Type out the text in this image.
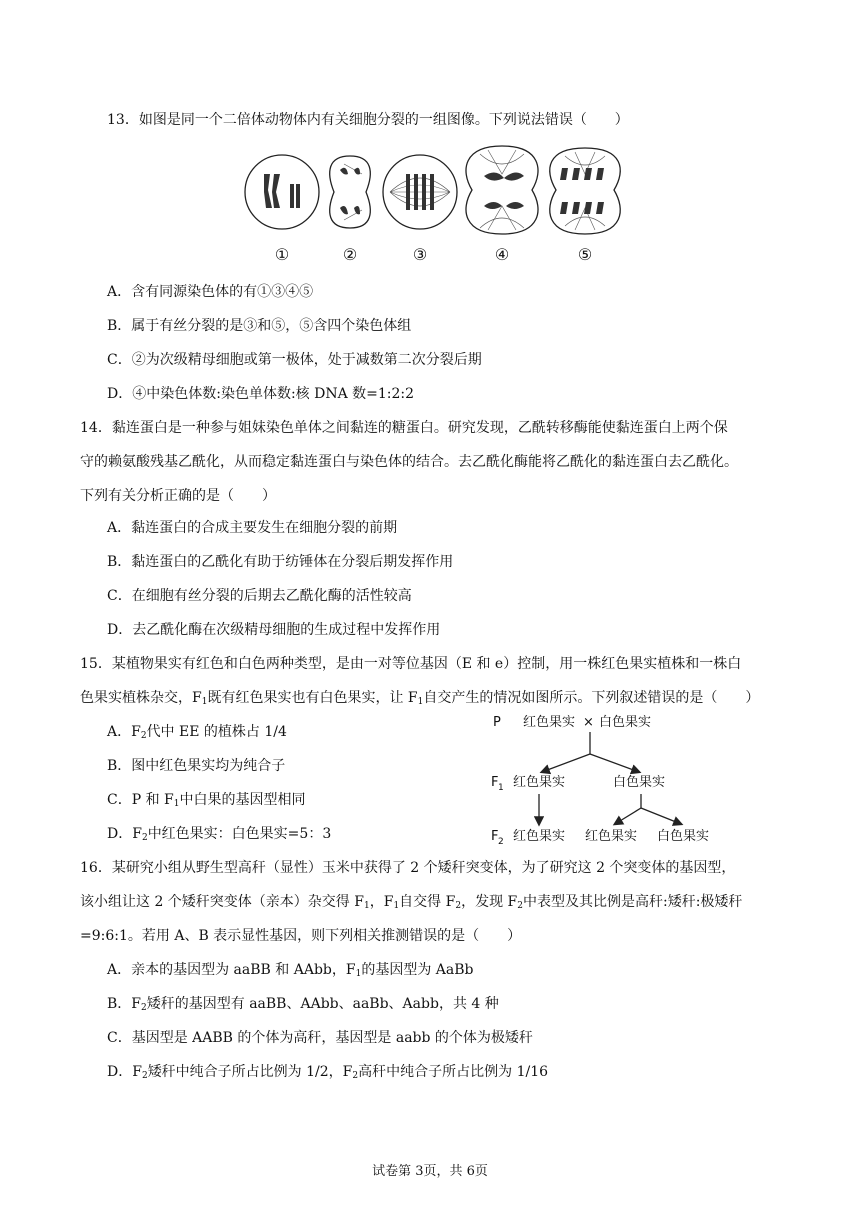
13．如图是同一个二倍体动物体内有关细胞分裂的一组图像。下列说法错误（　　）
①	②	③	④	⑤
A．含有同源染色体的有①③④⑤
B．属于有丝分裂的是③和⑤，⑤含四个染色体组
C．②为次级精母细胞或第一极体，处于减数第二次分裂后期
D．④中染色体数:染色单体数:核 DNA 数=1:2:2
14．黏连蛋白是一种参与姐妹染色单体之间黏连的糖蛋白。研究发现，乙酰转移酶能使黏连蛋白上两个保
守的赖氨酸残基乙酰化，从而稳定黏连蛋白与染色体的结合。去乙酰化酶能将乙酰化的黏连蛋白去乙酰化。
下列有关分析正确的是（　　）
A．黏连蛋白的合成主要发生在细胞分裂的前期
B．黏连蛋白的乙酰化有助于纺锤体在分裂后期发挥作用
C．在细胞有丝分裂的后期去乙酰化酶的活性较高
D．去乙酰化酶在次级精母细胞的生成过程中发挥作用
15．某植物果实有红色和白色两种类型，是由一对等位基因（E 和 e）控制，用一株红色果实植株和一株白
色果实植株杂交，$F_1$既有红色果实也有白色果实，让 $F_1$自交产生的情况如图所示。下列叙述错误的是（　　）
A．$F_2$代中 EE 的植株占 1/4
B．图中红色果实均为纯合子
C．P 和 $F_1$中白果的基因型相同
D．$F_2$中红色果实：白色果实=5：3
P 红色果实 × 白色果实
F 1 红色果实	白色果实
F 2 红色果实 红色果实 白色果实
16．某研究小组从野生型高秆（显性）玉米中获得了 2 个矮秆突变体，为了研究这 2 个突变体的基因型，
该小组让这 2 个矮秆突变体（亲本）杂交得 $F_1$，$F_1$自交得 $F_2$，发现 $F_2$中表型及其比例是高秆:矮秆:极矮秆
=9:6:1。若用 A、B 表示显性基因，则下列相关推测错误的是（　　）
A．亲本的基因型为 aaBB 和 AAbb，$F_1$的基因型为 AaBb
B．$F_2$矮秆的基因型有 aaBB、AAbb、aaBb、Aabb，共 4 种
C．基因型是 AABB 的个体为高秆，基因型是 aabb 的个体为极矮秆
D．$F_2$矮秆中纯合子所占比例为 1/2，$F_2$高秆中纯合子所占比例为 1/16
试卷第 3页，共 6页
